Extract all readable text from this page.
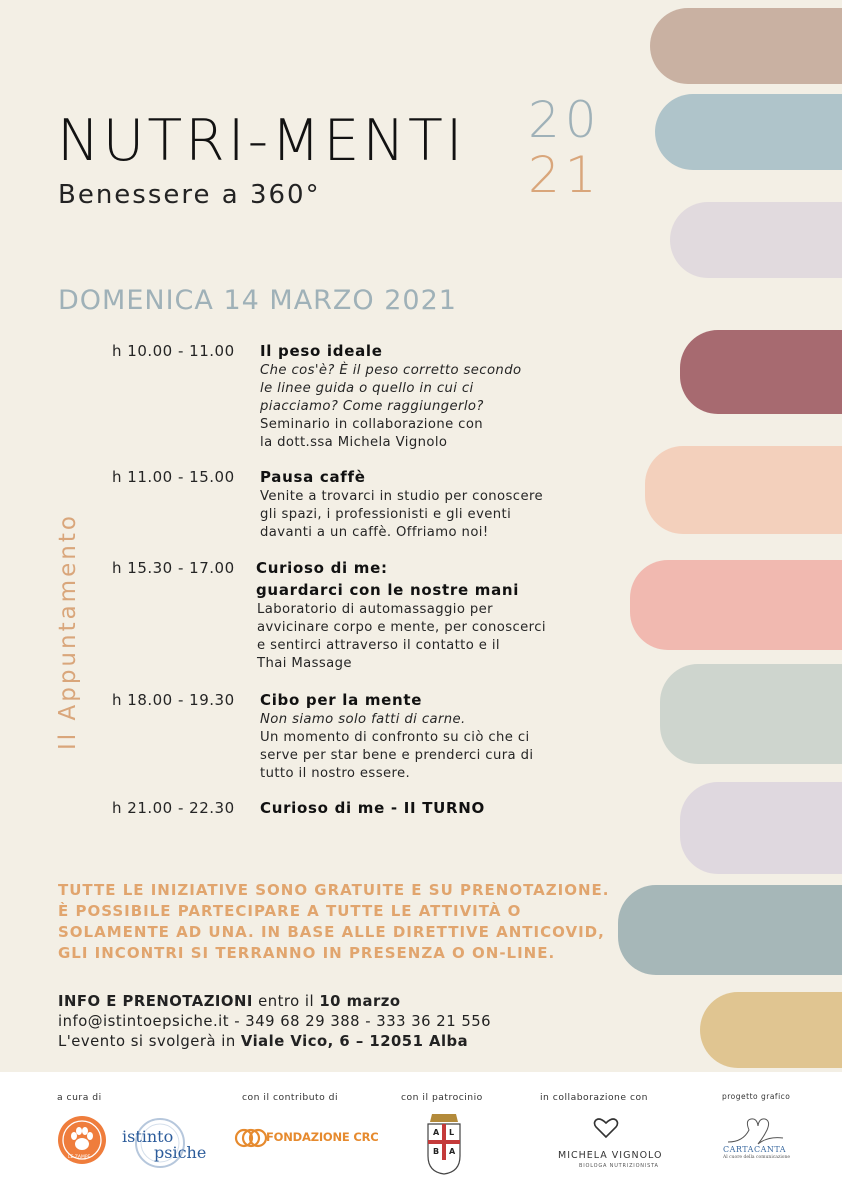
NUTRI-MENTI
Benessere a 360°
20
21
DOMENICA 14 MARZO 2021
Il Appuntamento
h 10.00 - 11.00 Il peso ideale
Che cos'è? È il peso corretto secondo
le linee guida o quello in cui ci
piacciamo? Come raggiungerlo?
Seminario in collaborazione con
la dott.ssa Michela Vignolo
h 11.00 - 15.00 Pausa caffè
Venite a trovarci in studio per conoscere
gli spazi, i professionisti e gli eventi
davanti a un caffè. Offriamo noi!
h 15.30 - 17.00 Curioso di me:
guardarci con le nostre mani
Laboratorio di automassaggio per
avvicinare corpo e mente, per conoscerci
e sentirci attraverso il contatto e il
Thai Massage
h 18.00 - 19.30 Cibo per la mente
Non siamo solo fatti di carne.
Un momento di confronto su ciò che ci
serve per star bene e prenderci cura di
tutto il nostro essere.
h 21.00 - 22.30 Curioso di me - II TURNO
TUTTE LE INIZIATIVE SONO GRATUITE E SU PRENOTAZIONE.
È POSSIBILE PARTECIPARE A TUTTE LE ATTIVITÀ O
SOLAMENTE AD UNA. IN BASE ALLE DIRETTIVE ANTICOVID,
GLI INCONTRI SI TERRANNO IN PRESENZA O ON-LINE.
INFO E PRENOTAZIONI entro il 10 marzo
info@istintoepsiche.it - 349 68 29 388 - 333 36 21 556
L'evento si svolgerà in Viale Vico, 6 – 12051 Alba
a cura di	con il contributo di	con il patrocinio	in collaborazione con	progetto grafico
LE ZAMPE
istinto
psiche
FONDAZIONE CRC	A L
B A	MICHELA VIGNOLO
BIOLOGA NUTRIZIONISTA
CARTACANTA
Al cuore della comunicazione
